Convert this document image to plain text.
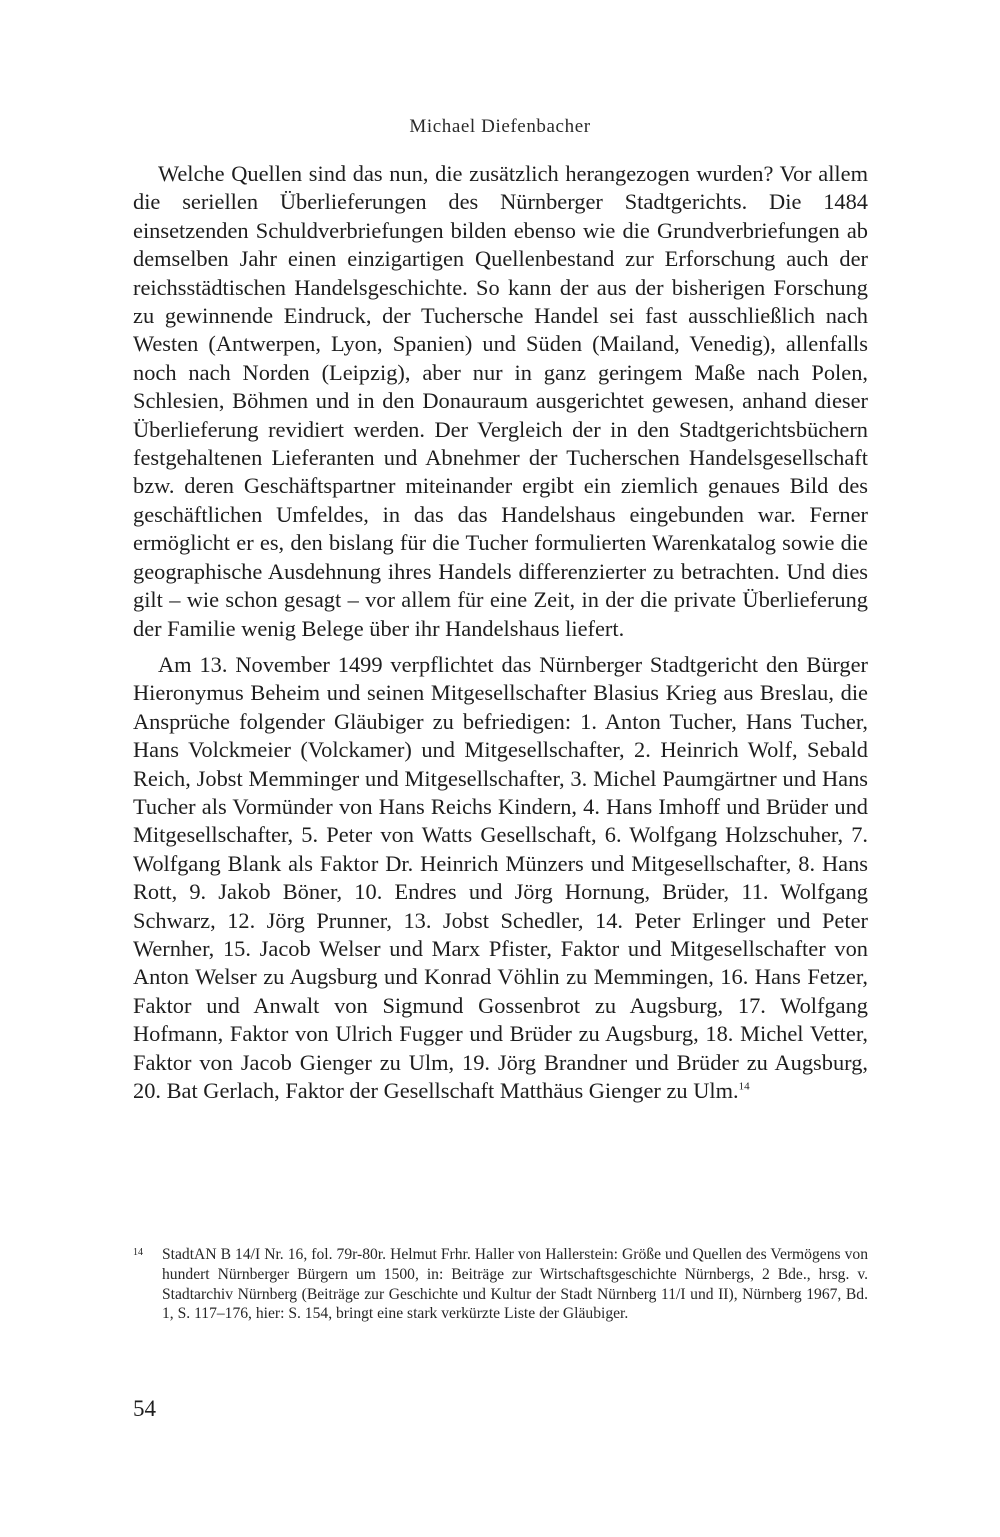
Michael Diefenbacher

Welche Quellen sind das nun, die zusätzlich herangezogen wurden? Vor allem die seriellen Überlieferungen des Nürnberger Stadtgerichts. Die 1484 einsetzenden Schuldverbriefungen bilden ebenso wie die Grundverbriefungen ab demselben Jahr einen einzigartigen Quellenbestand zur Erforschung auch der reichsstädtischen Handelsgeschichte. So kann der aus der bisherigen Forschung zu gewinnende Eindruck, der Tuchersche Handel sei fast ausschließlich nach Westen (Antwerpen, Lyon, Spanien) und Süden (Mailand, Venedig), allenfalls noch nach Norden (Leipzig), aber nur in ganz geringem Maße nach Polen, Schlesien, Böhmen und in den Donauraum ausgerichtet gewesen, anhand dieser Überlieferung revidiert werden. Der Vergleich der in den Stadtgerichtsbüchern festgehaltenen Lieferanten und Abnehmer der Tucherschen Handelsgesellschaft bzw. deren Geschäftspartner miteinander ergibt ein ziemlich genaues Bild des geschäftlichen Umfeldes, in das das Handelshaus eingebunden war. Ferner ermöglicht er es, den bislang für die Tucher formulierten Warenkatalog sowie die geographische Ausdehnung ihres Handels differenzierter zu betrachten. Und dies gilt – wie schon gesagt – vor allem für eine Zeit, in der die private Überlieferung der Familie wenig Belege über ihr Handelshaus liefert.

Am 13. November 1499 verpflichtet das Nürnberger Stadtgericht den Bürger Hieronymus Beheim und seinen Mitgesellschafter Blasius Krieg aus Breslau, die Ansprüche folgender Gläubiger zu befriedigen: 1. Anton Tucher, Hans Tucher, Hans Volckmeier (Volckamer) und Mitgesellschafter, 2. Heinrich Wolf, Sebald Reich, Jobst Memminger und Mitgesellschafter, 3. Michel Paumgärtner und Hans Tucher als Vormünder von Hans Reichs Kindern, 4. Hans Imhoff und Brüder und Mitgesellschafter, 5. Peter von Watts Gesellschaft, 6. Wolfgang Holzschuher, 7. Wolfgang Blank als Faktor Dr. Heinrich Münzers und Mitgesellschafter, 8. Hans Rott, 9. Jakob Böner, 10. Endres und Jörg Hornung, Brüder, 11. Wolfgang Schwarz, 12. Jörg Prunner, 13. Jobst Schedler, 14. Peter Erlinger und Peter Wernher, 15. Jacob Welser und Marx Pfister, Faktor und Mitgesellschafter von Anton Welser zu Augsburg und Konrad Vöhlin zu Memmingen, 16. Hans Fetzer, Faktor und Anwalt von Sigmund Gossenbrot zu Augsburg, 17. Wolfgang Hofmann, Faktor von Ulrich Fugger und Brüder zu Augsburg, 18. Michel Vetter, Faktor von Jacob Gienger zu Ulm, 19. Jörg Brandner und Brüder zu Augsburg, 20. Bat Gerlach, Faktor der Gesellschaft Matthäus Gienger zu Ulm.$^{14}$

14 StadtAN B 14/I Nr. 16, fol. 79r-80r. Helmut Frhr. Haller von Hallerstein: Größe und Quellen des Vermögens von hundert Nürnberger Bürgern um 1500, in: Beiträge zur Wirtschaftsgeschichte Nürnbergs, 2 Bde., hrsg. v. Stadtarchiv Nürnberg (Beiträge zur Geschichte und Kultur der Stadt Nürnberg 11/I und II), Nürnberg 1967, Bd. 1, S. 117–176, hier: S. 154, bringt eine stark verkürzte Liste der Gläubiger.
54
